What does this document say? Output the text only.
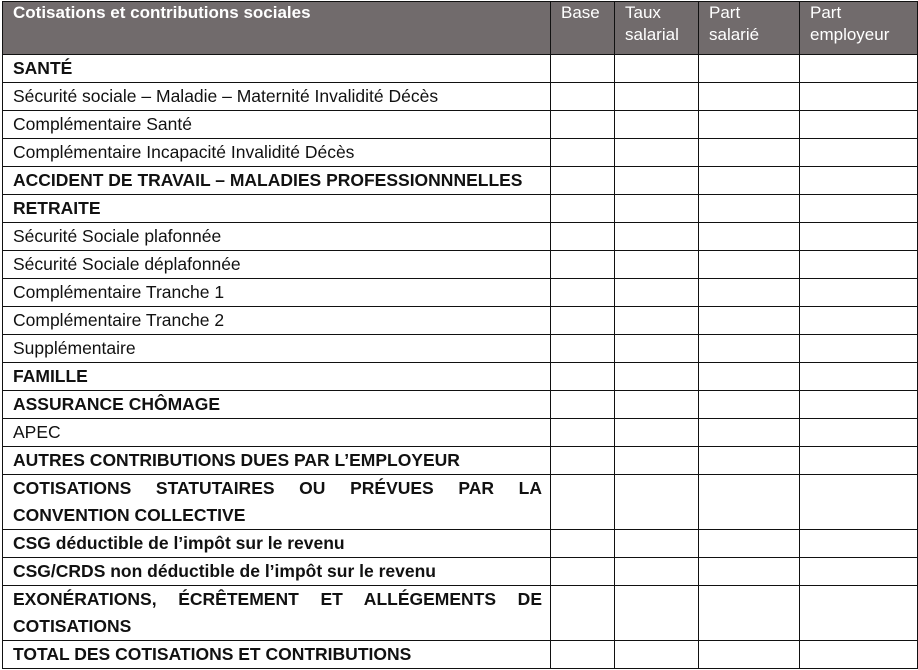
Cotisations et contributions sociales	Base	Taux salarial	Part salarié	Part employeur
SANTÉ				
Sécurité sociale – Maladie – Maternité Invalidité Décès				
Complémentaire Santé				
Complémentaire Incapacité Invalidité Décès				
ACCIDENT DE TRAVAIL – MALADIES PROFESSIONNNELLES				
RETRAITE				
Sécurité Sociale plafonnée				
Sécurité Sociale déplafonnée				
Complémentaire Tranche 1				
Complémentaire Tranche 2				
Supplémentaire				
FAMILLE				
ASSURANCE CHÔMAGE				
APEC				
AUTRES CONTRIBUTIONS DUES PAR L’EMPLOYEUR				
COTISATIONS STATUTAIRES OU PRÉVUES PAR LA CONVENTION COLLECTIVE				
CSG déductible de l’impôt sur le revenu				
CSG/CRDS non déductible de l’impôt sur le revenu				
EXONÉRATIONS, ÉCRÊTEMENT ET ALLÉGEMENTS DE COTISATIONS				
TOTAL DES COTISATIONS ET CONTRIBUTIONS				
